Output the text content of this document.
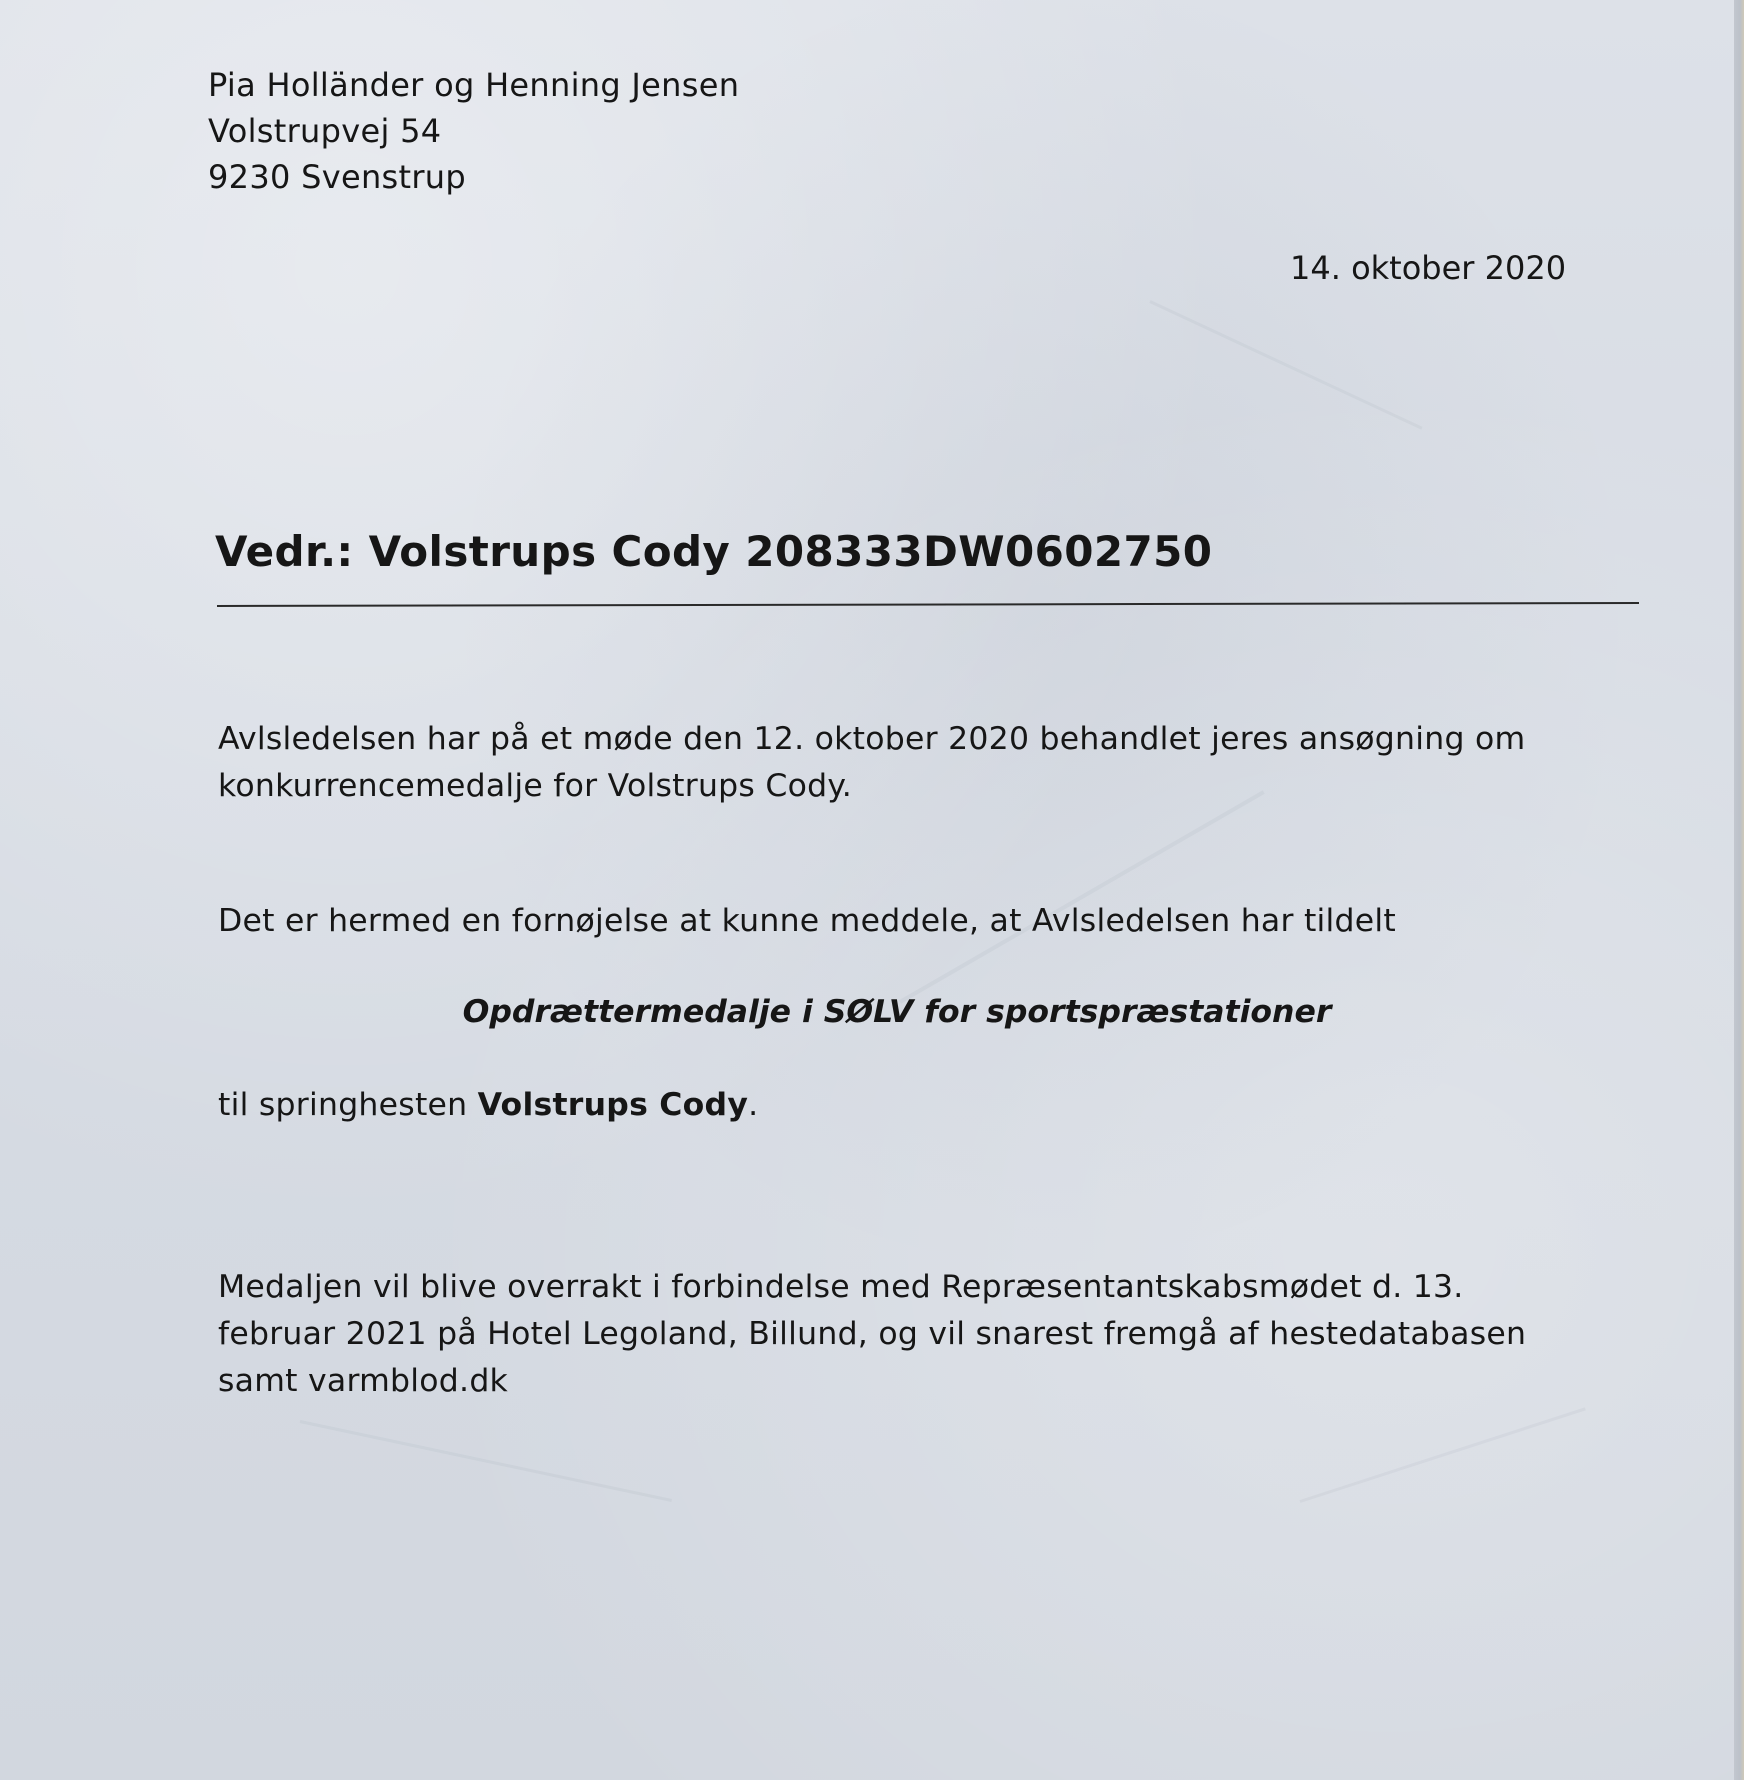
Pia Holländer og Henning Jensen
Volstrupvej 54
9230 Svenstrup
14. oktober 2020
Vedr.: Volstrups Cody 208333DW0602750
Avlsledelsen har på et møde den 12. oktober 2020 behandlet jeres ansøgning om
konkurrencemedalje for Volstrups Cody.
Det er hermed en fornøjelse at kunne meddele, at Avlsledelsen har tildelt
Opdrættermedalje i SØLV for sportspræstationer
til springhesten Volstrups Cody.
Medaljen vil blive overrakt i forbindelse med Repræsentantskabsmødet d. 13.
februar 2021 på Hotel Legoland, Billund, og vil snarest fremgå af hestedatabasen
samt varmblod.dk
